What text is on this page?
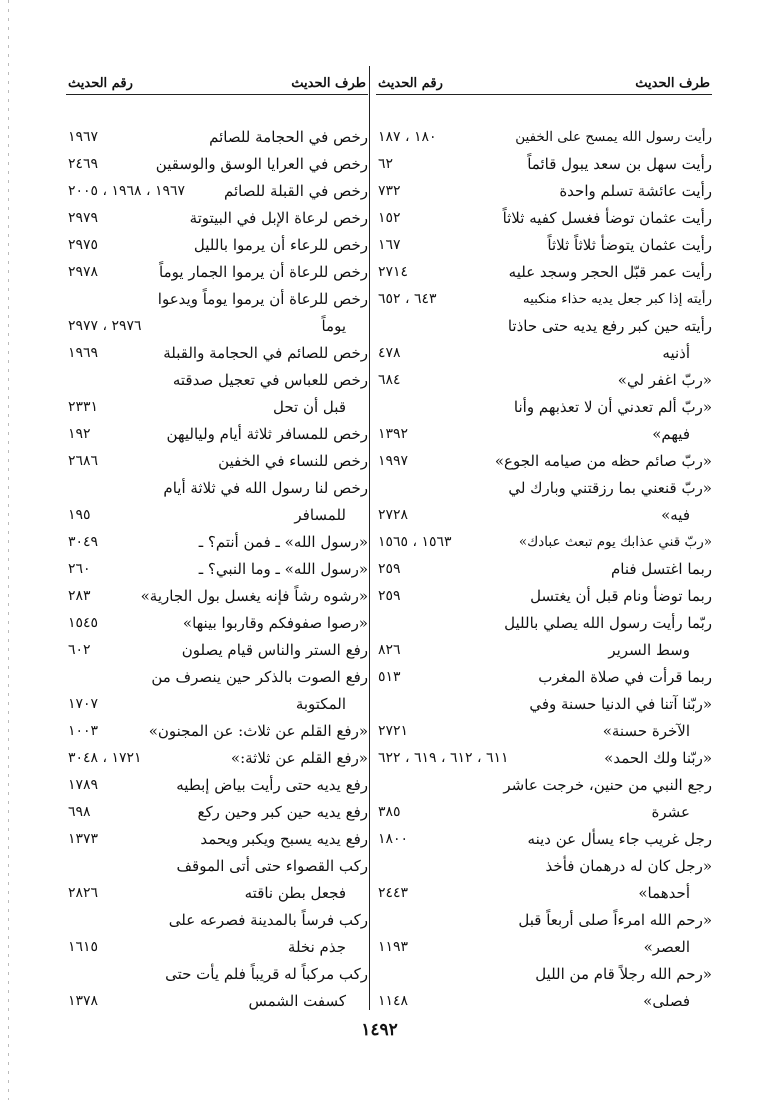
طرف الحديث
رقم الحديث
رأيت رسول الله يمسح على الخفين
١٨٠ ، ١٨٧
رأيت سهل بن سعد يبول قائماً
٦٢
رأيت عائشة تسلم واحدة
٧٣٢
رأيت عثمان توضأ فغسل كفيه ثلاثاً
١٥٢
رأيت عثمان يتوضأ ثلاثاً ثلاثاً
١٦٧
رأيت عمر قبّل الحجر وسجد عليه
٢٧١٤
رأيته إذا كبر جعل يديه حذاء منكبيه
٦٤٣ ، ٦٥٢
رأيته حين كبر رفع يديه حتى حاذتا
أذنيه
٤٧٨
«ربّ اغفر لي»
٦٨٤
«ربّ ألم تعدني أن لا تعذبهم وأنا
فيهم»
١٣٩٢
«ربّ صائم حظه من صيامه الجوع»
١٩٩٧
«ربّ قنعني بما رزقتني وبارك لي
فيه»
٢٧٢٨
«ربّ قني عذابك يوم تبعث عبادك»
١٥٦٣ ، ١٥٦٥
ربما اغتسل فنام
٢٥٩
ربما توضأ ونام قبل أن يغتسل
٢٥٩
ربّما رأيت رسول الله يصلي بالليل
وسط السرير
٨٢٦
ربما قرأت في صلاة المغرب
٥١٣
«ربّنا آتنا في الدنيا حسنة وفي
الآخرة حسنة»
٢٧٢١
«ربّنا ولك الحمد»
٦١١ ، ٦١٢ ، ٦١٩ ، ٦٢٢
رجع النبي من حنين، خرجت عاشر
عشرة
٣٨٥
رجل غريب جاء يسأل عن دينه
١٨٠٠
«رجل كان له درهمان فأخذ
أحدهما»
٢٤٤٣
«رحم الله امرءاً صلى أربعاً قبل
العصر»
١١٩٣
«رحم الله رجلاً قام من الليل
فصلى»
١١٤٨
طرف الحديث
رقم الحديث
رخص في الحجامة للصائم
١٩٦٧
رخص في العرايا الوسق والوسقين
٢٤٦٩
رخص في القبلة للصائم
١٩٦٧ ، ١٩٦٨ ، ٢٠٠٥
رخص لرعاة الإبل في البيتوتة
٢٩٧٩
رخص للرعاء أن يرموا بالليل
٢٩٧٥
رخص للرعاة أن يرموا الجمار يوماً
٢٩٧٨
رخص للرعاة أن يرموا يوماً ويدعوا
يوماً
٢٩٧٦ ، ٢٩٧٧
رخص للصائم في الحجامة والقبلة
١٩٦٩
رخص للعباس في تعجيل صدقته
قبل أن تحل
٢٣٣١
رخص للمسافر ثلاثة أيام ولياليهن
١٩٢
رخص للنساء في الخفين
٢٦٨٦
رخص لنا رسول الله في ثلاثة أيام
للمسافر
١٩٥
«رسول الله» ـ فمن أنتم؟ ـ
٣٠٤٩
«رسول الله» ـ وما النبي؟ ـ
٢٦٠
«رشوه رشاً فإنه يغسل بول الجارية»
٢٨٣
«رصوا صفوفكم وقاربوا بينها»
١٥٤٥
رفع الستر والناس قيام يصلون
٦٠٢
رفع الصوت بالذكر حين ينصرف من
المكتوبة
١٧٠٧
«رفع القلم عن ثلاث: عن المجنون»
١٠٠٣
«رفع القلم عن ثلاثة:»
١٧٢١ ، ٣٠٤٨
رفع يديه حتى رأيت بياض إبطيه
١٧٨٩
رفع يديه حين كبر وحين ركع
٦٩٨
رفع يديه يسبح ويكبر ويحمد
١٣٧٣
ركب القصواء حتى أتى الموقف
فجعل بطن ناقته
٢٨٢٦
ركب فرساً بالمدينة فصرعه على
جذم نخلة
١٦١٥
ركب مركباً له قريباً فلم يأت حتى
كسفت الشمس
١٣٧٨
١٤٩٢
